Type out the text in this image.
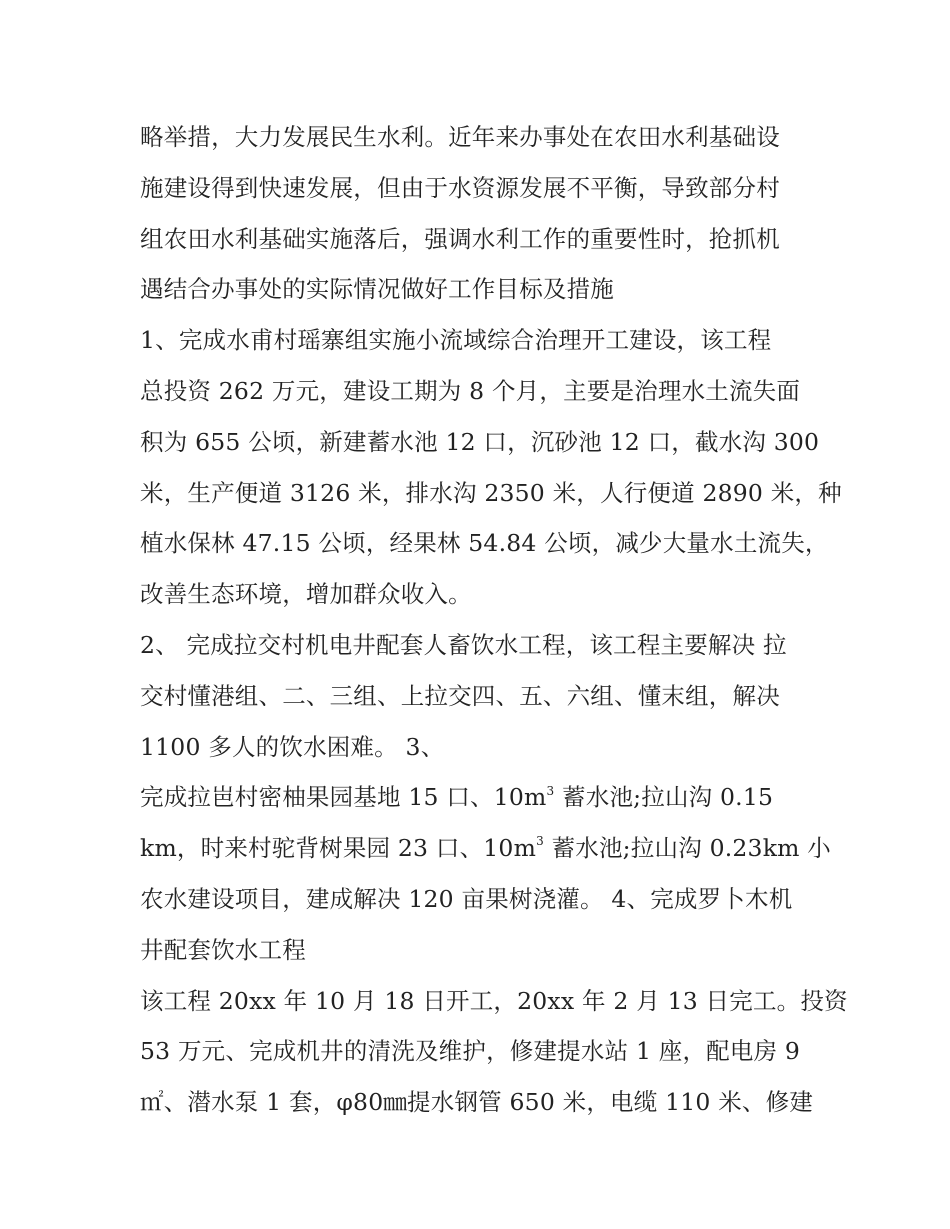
略举措，大力发展民生水利。近年来办事处在农田水利基础设
施建设得到快速发展，但由于水资源发展不平衡，导致部分村
组农田水利基础实施落后，强调水利工作的重要性时，抢抓机
遇结合办事处的实际情况做好工作目标及措施
1、完成水甫村瑶寨组实施小流域综合治理开工建设，该工程
总投资 262 万元，建设工期为 8 个月，主要是治理水土流失面
积为 655 公顷，新建蓄水池 12 口，沉砂池 12 口，截水沟 300
米，生产便道 3126 米，排水沟 2350 米，人行便道 2890 米，种
植水保林 47.15 公顷，经果林 54.84 公顷，减少大量水土流失，
改善生态环境，增加群众收入。
2、 完成拉交村机电井配套人畜饮水工程，该工程主要解决 拉
交村懂港组、二、三组、上拉交四、五、六组、懂末组，解决
1100 多人的饮水困难。 3、
完成拉岜村密柚果园基地 15 口、$10m^3$ 蓄水池;拉山沟 0.15
km，时来村驼背树果园 23 口、$10m^3$ 蓄水池;拉山沟 0.23km 小
农水建设项目，建成解决 120 亩果树浇灌。 4、完成罗卜木机
井配套饮水工程
该工程 20xx 年 10 月 18 日开工，20xx 年 2 月 13 日完工。投资
53 万元、完成机井的清洗及维护，修建提水站 1 座，配电房 9
㎡、潜水泵 1 套，φ80㎜提水钢管 650 米，电缆 110 米、修建
